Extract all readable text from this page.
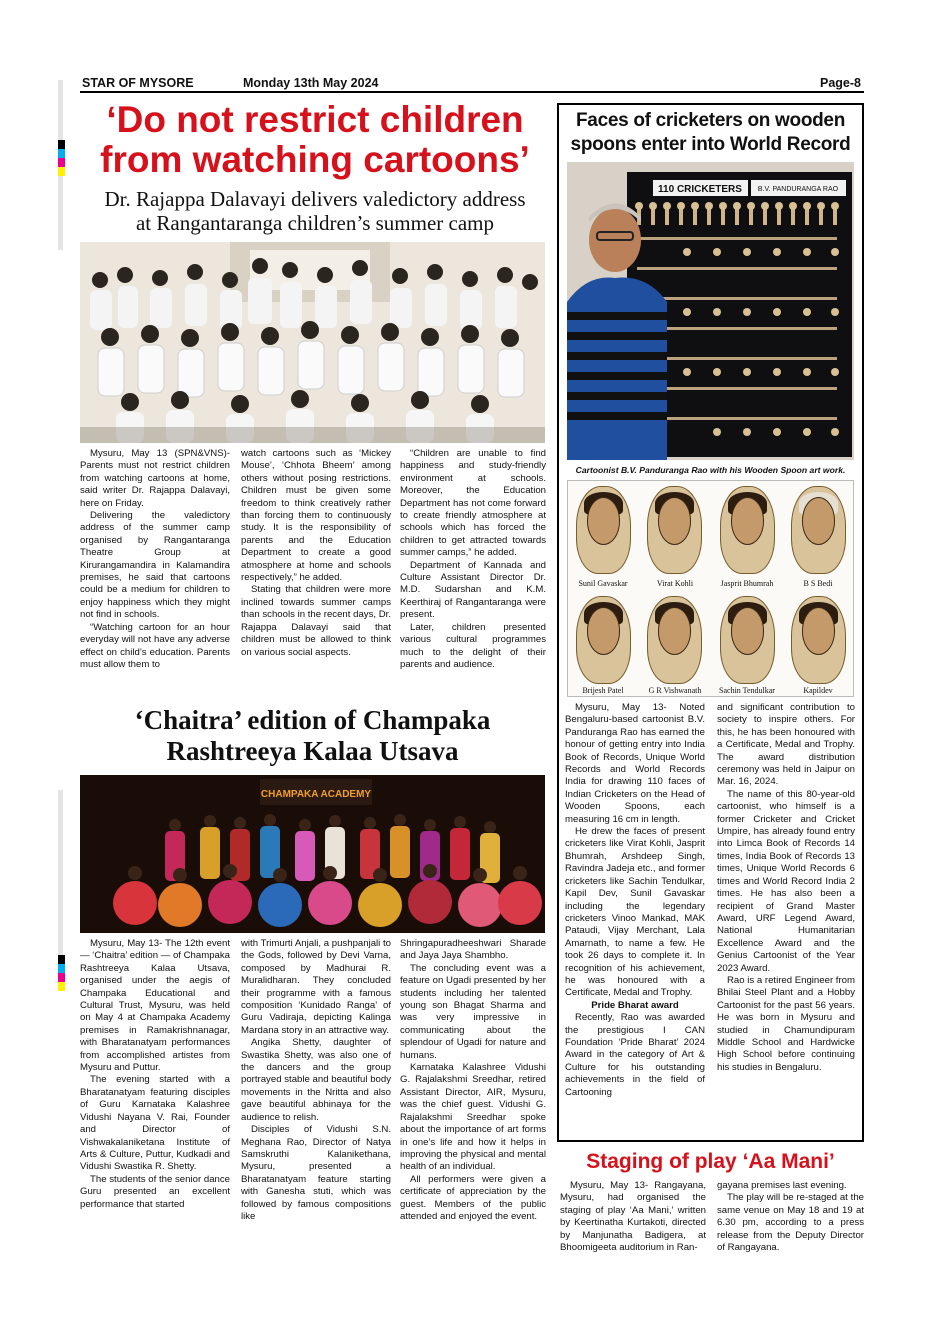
STAR OF MYSORE	Monday 13th May 2024	Page-8
‘Do not restrict children
from watching cartoons’
Dr. Rajappa Dalavayi delivers valedictory address
at Rangantaranga children’s summer camp

Mysuru, May 13 (SPN&VNS)- Parents must not restrict children from watching cartoons at home, said writer Dr. Rajappa Dalavayi, here on Friday.

Delivering the valedictory address of the summer camp organised by Rangantaranga Theatre Group at Kirurangamandira in Kalamandira premises, he said that cartoons could be a medium for children to enjoy happiness which they might not find in schools.

“Watching cartoon for an hour everyday will not have any adverse effect on child’s education. Parents must allow them to

watch cartoons such as ‘Mickey Mouse’, ‘Chhota Bheem’ among others without posing restrictions. Children must be given some freedom to think creatively rather than forcing them to continuously study. It is the responsibility of parents and the Education Department to create a good atmosphere at home and schools respectively,” he added.

Stating that children were more inclined towards summer camps than schools in the recent days, Dr. Rajappa Dalavayi said that children must be allowed to think on various social aspects.

“Children are unable to find happiness and study-friendly environment at schools. Moreover, the Education Department has not come forward to create friendly atmosphere at schools which has forced the children to get attracted towards summer camps,” he added.

Department of Kannada and Culture Assistant Director Dr. M.D. Sudarshan and K.M. Keerthiraj of Rangantaranga were present.

Later, children presented various cultural programmes much to the delight of their parents and audience.

‘Chaitra’ edition of Champaka
Rashtreeya Kalaa Utsava
CHAMPAKA ACADEMY

Mysuru, May 13- The 12th event — ‘Chaitra’ edition — of Champaka Rashtreeya Kalaa Utsava, organised under the aegis of Champaka Educational and Cultural Trust, Mysuru, was held on May 4 at Champaka Academy premises in Ramakrishnanagar, with Bharatanatyam performances from accomplished artistes from Mysuru and Puttur.

The evening started with a Bharatanatyam featuring disciples of Guru Karnataka Kalashree Vidushi Nayana V. Rai, Founder and Director of Vishwakalaniketana Institute of Arts & Culture, Puttur, Kudkadi and Vidushi Swastika R. Shetty.

The students of the senior dance Guru presented an excellent performance that started

with Trimurti Anjali, a pushpanjali to the Gods, followed by Devi Varna, composed by Madhurai R. Muralidharan. They concluded their programme with a famous composition ‘Kunidado Ranga’ of Guru Vadiraja, depicting Kalinga Mardana story in an attractive way.

Angika Shetty, daughter of Swastika Shetty, was also one of the dancers and the group portrayed stable and beautiful body movements in the Nritta and also gave beautiful abhinaya for the audience to relish.

Disciples of Vidushi S.N. Meghana Rao, Director of Natya Samskruthi Kalanikethana, Mysuru, presented a Bharatanatyam feature starting with Ganesha stuti, which was followed by famous compositions like

Shringapuradheeshwari Sharade and Jaya Jaya Shambho.

The concluding event was a feature on Ugadi presented by her students including her talented young son Bhagat Sharma and was very impressive in communicating about the splendour of Ugadi for nature and humans.

Karnataka Kalashree Vidushi G. Rajalakshmi Sreedhar, retired Assistant Director, AIR, Mysuru, was the chief guest. Vidushi G. Rajalakshmi Sreedhar spoke about the importance of art forms in one’s life and how it helps in improving the physical and mental health of an individual.

All performers were given a certificate of appreciation by the guest. Members of the public attended and enjoyed the event.

Faces of cricketers on wooden
spoons enter into World Record
110 CRICKETERS B.V. PANDURANGA RAO
Cartoonist B.V. Panduranga Rao with his Wooden Spoon art work.
Sunil Gavaskar	Virat Kohli	Jasprit Bhumrah	B S Bedi
Brijesh Patel	G R Vishwanath	Sachin Tendulkar	Kapildev

Mysuru, May 13- Noted Bengaluru-based cartoonist B.V. Panduranga Rao has earned the honour of getting entry into India Book of Records, Unique World Records and World Records India for drawing 110 faces of Indian Cricketers on the Head of Wooden Spoons, each measuring 16 cm in length.

He drew the faces of present cricketers like Virat Kohli, Jasprit Bhumrah, Arshdeep Singh, Ravindra Jadeja etc., and former cricketers like Sachin Tendulkar, Kapil Dev, Sunil Gavaskar including the legendary cricketers Vinoo Mankad, MAK Pataudi, Vijay Merchant, Lala Amarnath, to name a few. He took 26 days to complete it. In recognition of his achievement, he was honoured with a Certificate, Medal and Trophy.

Pride Bharat award

Recently, Rao was awarded the prestigious I CAN Foundation ‘Pride Bharat’ 2024 Award in the category of Art & Culture for his outstanding achievements in the field of Cartooning

and significant contribution to society to inspire others. For this, he has been honoured with a Certificate, Medal and Trophy. The award distribution ceremony was held in Jaipur on Mar. 16, 2024.

The name of this 80-year-old cartoonist, who himself is a former Cricketer and Cricket Umpire, has already found entry into Limca Book of Records 14 times, India Book of Records 13 times, Unique World Records 6 times and World Record India 2 times. He has also been a recipient of Grand Master Award, URF Legend Award, National Humanitarian Excellence Award and the Genius Cartoonist of the Year 2023 Award.

Rao is a retired Engineer from Bhilai Steel Plant and a Hobby Cartoonist for the past 56 years. He was born in Mysuru and studied in Chamundipuram Middle School and Hardwicke High School before continuing his studies in Bengaluru.

Staging of play ‘Aa Mani’

Mysuru, May 13- Rangayana, Mysuru, had organised the staging of play ‘Aa Mani,’ written by Keertinatha Kurtakoti, directed by Manjunatha Badigera, at Bhoomigeeta auditorium in Ran-

gayana premises last evening.

The play will be re-staged at the same venue on May 18 and 19 at 6.30 pm, according to a press release from the Deputy Director of Rangayana.
